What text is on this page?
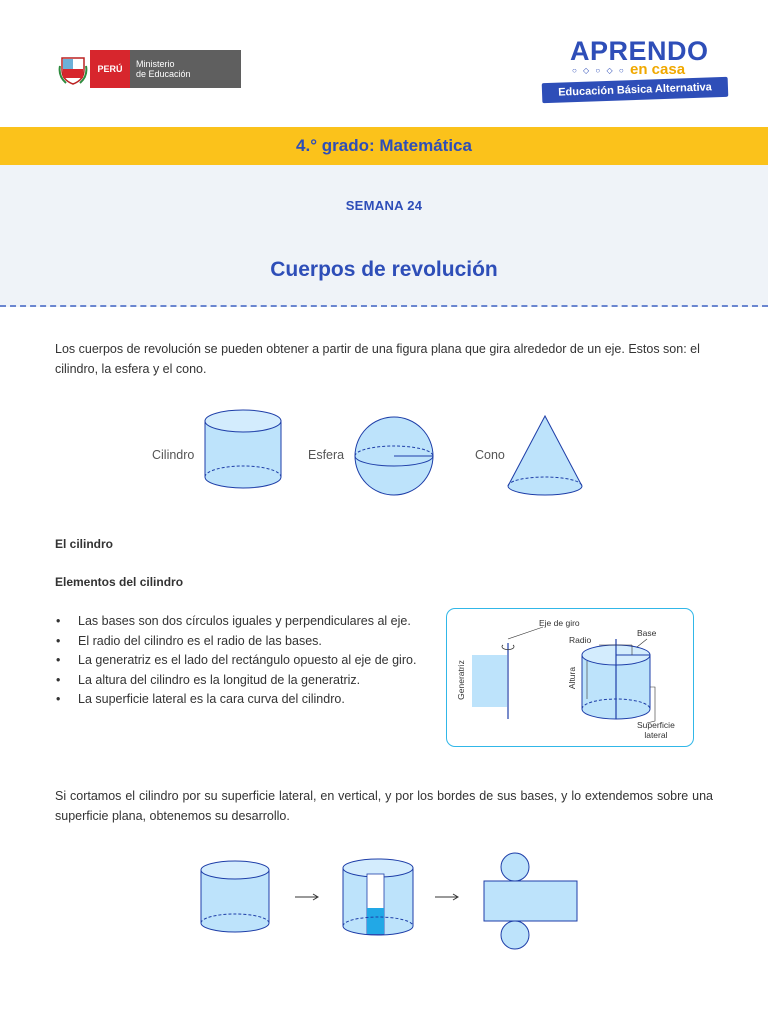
PERÚ	Ministerio
de Educación
APRENDO
○ ◇ ○ ◇ ○ en casa
Educación Básica Alternativa
4.° grado: Matemática
SEMANA 24
Cuerpos de revolución
Los cuerpos de revolución se pueden obtener a partir de una figura plana que gira alrededor de un eje. Estos son: el cilindro, la esfera y el cono.
Cilindro	Esfera	Cono
El cilindro
Elementos del cilindro
• Las bases son dos círculos iguales y perpendiculares al eje.
• El radio del cilindro es el radio de las bases.
• La generatriz es el lado del rectángulo opuesto al eje de giro.
• La altura del cilindro es la longitud de la generatriz.
• La superficie lateral es la cara curva del cilindro.
Eje de giro
Radio
Base
Generatriz	Altura
Superficie
lateral
Si cortamos el cilindro por su superficie lateral, en vertical, y por los bordes de sus bases, y lo extendemos sobre una superficie plana, obtenemos su desarrollo.
